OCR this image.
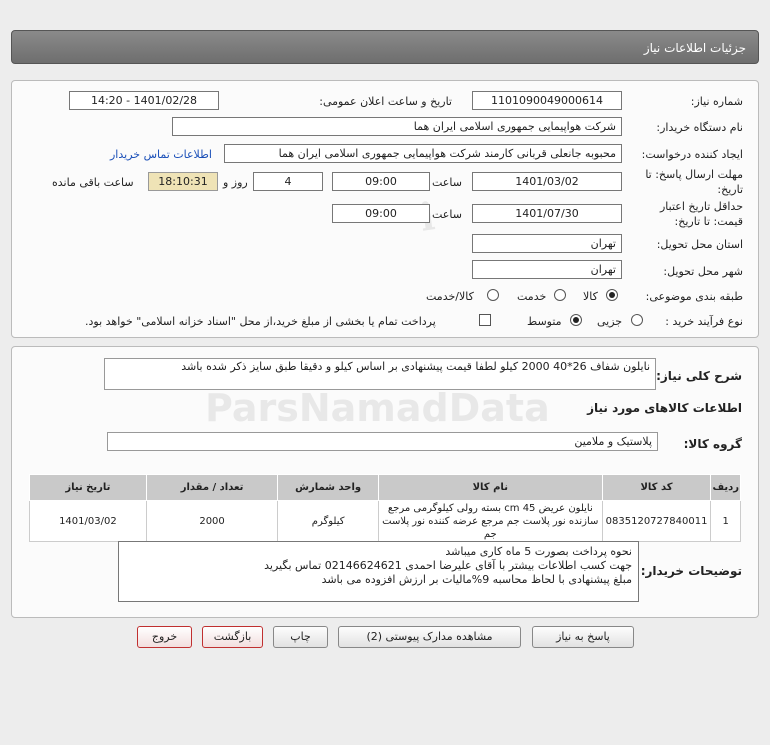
جزئیات اطلاعات نیاز
شماره نیاز:
1101090049000614
تاریخ و ساعت اعلان عمومی:
1401/02/28 - 14:20
نام دستگاه خریدار:
شرکت هواپیمایی جمهوری اسلامی ایران هما
ایجاد کننده درخواست:
محبوبه جانعلی قربانی کارمند شرکت هواپیمایی جمهوری اسلامی ایران هما
اطلاعات تماس خریدار
مهلت ارسال پاسخ: تا
تاریخ:
1401/03/02
ساعت
09:00
4
روز و
18:10:31
ساعت باقی مانده
حداقل تاریخ اعتبار
قیمت: تا تاریخ:
1401/07/30
ساعت
09:00
استان محل تحویل:
تهران
شهر محل تحویل:
تهران
طبقه بندی موضوعی:
کالا
خدمت
کالا/خدمت
نوع فرآیند خرید :
جزیی
متوسط
پرداخت تمام یا بخشی از مبلغ خرید،از محل "اسناد خزانه اسلامی" خواهد بود.
شرح کلی نیاز:
نایلون شفاف 26*40 2000 کیلو لطفا قیمت پیشنهادی بر اساس کیلو و دقیقا طبق سایز ذکر شده باشد
اطلاعات کالاهای مورد نیاز
گروه کالا:
پلاستیک و ملامین
ردیف	کد کالا	نام کالا	واحد شمارش	تعداد / مقدار	تاریخ نیاز
1	0835120727840011	نایلون عریض cm 45 بسته رولی کیلوگرمی مرجع سازنده نور پلاست جم مرجع عرضه کننده نور پلاست جم	کیلوگرم	2000	1401/03/02
توضیحات خریدار:
نحوه پرداخت بصورت 5 ماه کاری میباشد
جهت کسب اطلاعات بیشتر با آقای علیرضا احمدی 02146624621 تماس بگیرید
مبلغ پیشنهادی با لحاظ محاسبه 9%مالیات بر ارزش افزوده می باشد
پاسخ به نیاز
مشاهده مدارک پیوستی (2)
چاپ
بازگشت
خروج
